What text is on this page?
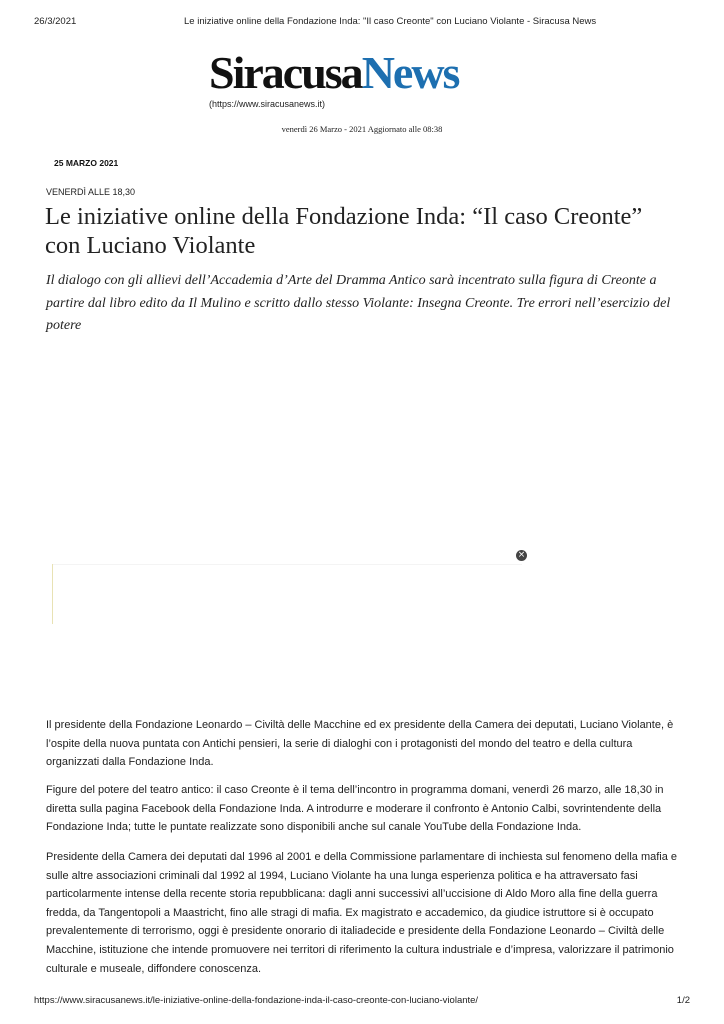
26/3/2021	Le iniziative online della Fondazione Inda: "Il caso Creonte" con Luciano Violante - Siracusa News
SiracusaNews
(https://www.siracusanews.it)
venerdì 26 Marzo - 2021 Aggiornato alle 08:38
25 MARZO 2021
VENERDÌ ALLE 18,30
Le iniziative online della Fondazione Inda: “Il caso Creonte” con Luciano Violante

Il dialogo con gli allievi dell’Accademia d’Arte del Dramma Antico sarà incentrato sulla figura di Creonte a partire dal libro edito da Il Mulino e scritto dallo stesso Violante: Insegna Creonte. Tre errori nell’esercizio del potere

×

Il presidente della Fondazione Leonardo – Civiltà delle Macchine ed ex presidente della Camera dei deputati, Luciano Violante, è l’ospite della nuova puntata con Antichi pensieri, la serie di dialoghi con i protagonisti del mondo del teatro e della cultura organizzati dalla Fondazione Inda.

Figure del potere del teatro antico: il caso Creonte è il tema dell’incontro in programma domani, venerdì 26 marzo, alle 18,30 in diretta sulla pagina Facebook della Fondazione Inda. A introdurre e moderare il confronto è Antonio Calbi, sovrintendente della Fondazione Inda; tutte le puntate realizzate sono disponibili anche sul canale YouTube della Fondazione Inda.

Presidente della Camera dei deputati dal 1996 al 2001 e della Commissione parlamentare di inchiesta sul fenomeno della mafia e sulle altre associazioni criminali dal 1992 al 1994, Luciano Violante ha una lunga esperienza politica e ha attraversato fasi particolarmente intense della recente storia repubblicana: dagli anni successivi all’uccisione di Aldo Moro alla fine della guerra fredda, da Tangentopoli a Maastricht, fino alle stragi di mafia. Ex magistrato e accademico, da giudice istruttore si è occupato prevalentemente di terrorismo, oggi è presidente onorario di italiadecide e presidente della Fondazione Leonardo – Civiltà delle Macchine, istituzione che intende promuovere nei territori di riferimento la cultura industriale e d’impresa, valorizzare il patrimonio culturale e museale, diffondere conoscenza.

https://www.siracusanews.it/le-iniziative-online-della-fondazione-inda-il-caso-creonte-con-luciano-violante/	1/2
